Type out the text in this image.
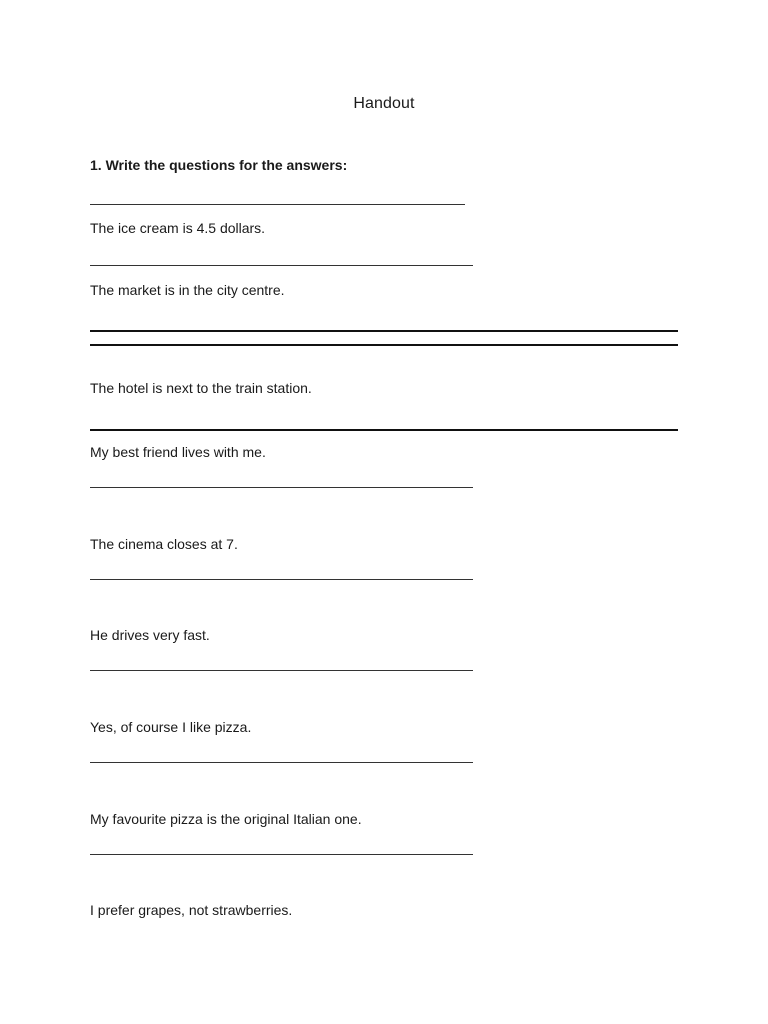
Handout
1. Write the questions for the answers:
The ice cream is 4.5 dollars.
The market is in the city centre.
The hotel is next to the train station.
My best friend lives with me.
The cinema closes at 7.
He drives very fast.
Yes, of course I like pizza.
My favourite pizza is the original Italian one.
I prefer grapes, not strawberries.
